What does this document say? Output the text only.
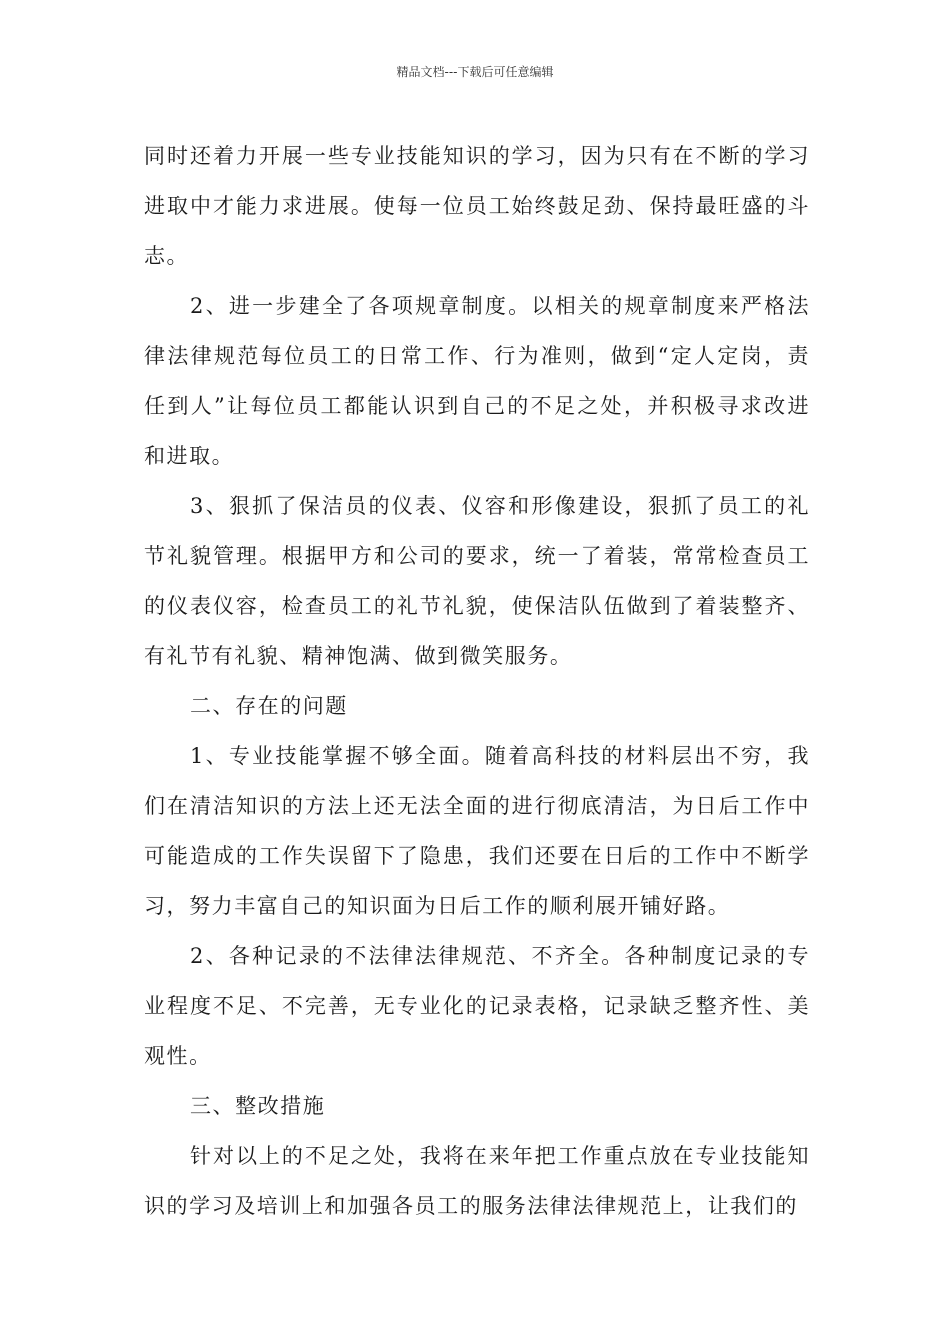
精品文档---下载后可任意编辑

同时还着力开展一些专业技能知识的学习，因为只有在不断的学习进取中才能力求进展。使每一位员工始终鼓足劲、保持最旺盛的斗志。

2、进一步建全了各项规章制度。以相关的规章制度来严格法律法律规范每位员工的日常工作、行为准则，做到“定人定岗，责任到人”让每位员工都能认识到自己的不足之处，并积极寻求改进和进取。

3、狠抓了保洁员的仪表、仪容和形像建设，狠抓了员工的礼节礼貌管理。根据甲方和公司的要求，统一了着装，常常检查员工的仪表仪容，检查员工的礼节礼貌，使保洁队伍做到了着装整齐、有礼节有礼貌、精神饱满、做到微笑服务。

二、存在的问题

1、专业技能掌握不够全面。随着高科技的材料层出不穷，我们在清洁知识的方法上还无法全面的进行彻底清洁，为日后工作中可能造成的工作失误留下了隐患，我们还要在日后的工作中不断学习，努力丰富自己的知识面为日后工作的顺利展开铺好路。

2、各种记录的不法律法律规范、不齐全。各种制度记录的专业程度不足、不完善，无专业化的记录表格，记录缺乏整齐性、美观性。

三、整改措施

针对以上的不足之处，我将在来年把工作重点放在专业技能知识的学习及培训上和加强各员工的服务法律法律规范上，让我们的
